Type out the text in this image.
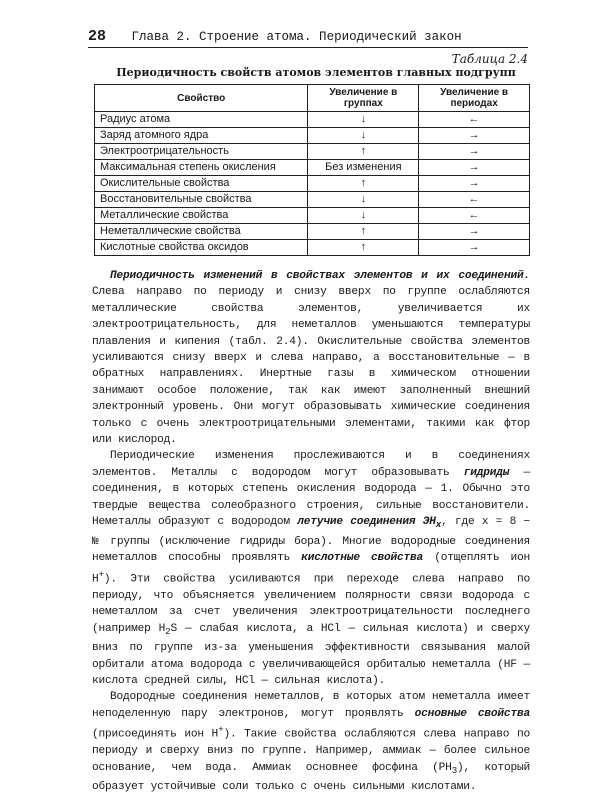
28 Глава 2. Строение атома. Периодический закон
Таблица 2.4
Периодичность свойств атомов элементов главных подгрупп
Свойство	Увеличение в группах	Увеличение в периодах
Радиус атома	↓	←
Заряд атомного ядра	↓	→
Электроотрицательность	↑	→
Максимальная степень окисления	Без изменения	→
Окислительные свойства	↑	→
Восстановительные свойства	↓	←
Металлические свойства	↓	←
Неметаллические свойства	↑	→
Кислотные свойства оксидов	↑	→

Периодичность изменений в свойствах элементов и их соединений. Слева направо по периоду и снизу вверх по группе ослабляются металлические свойства элементов, увеличивается их электроотрицательность, для неметаллов уменьшаются температуры плавления и кипения (табл. 2.4). Окислительные свойства элементов усиливаются снизу вверх и слева направо, а восстановительные — в обратных направлениях. Инертные газы в химическом отношении занимают особое положение, так как имеют заполненный внешний электронный уровень. Они могут образовывать химические соединения только с очень электроотрицательными элементами, такими как фтор или кислород.

Периодические изменения прослеживаются и в соединениях элементов. Металлы с водородом могут образовывать гидриды — соединения, в которых степень окисления водорода — 1. Обычно это твердые вещества солеобразного строения, сильные восстановители. Неметаллы образуют с водородом летучие соединения $ЭH_x$, где x = 8 − № группы (исключение гидриды бора). Многие водородные соединения неметаллов способны проявлять кислотные свойства (отщеплять ион H+). Эти свойства усиливаются при переходе слева направо по периоду, что объясняется увеличением полярности связи водорода с неметаллом за счет увеличения электроотрицательности последнего (например $H_2S$ — слабая кислота, а HCl — сильная кислота) и сверху вниз по группе из-за уменьшения эффективности связывания малой орбитали атома водорода с увеличивающейся орбиталью неметалла (HF — кислота средней силы, HCl — сильная кислота).

Водородные соединения неметаллов, в которых атом неметалла имеет неподеленную пару электронов, могут проявлять основные свойства (присоединять ион H+). Такие свойства ослабляются слева направо по периоду и сверху вниз по группе. Например, аммиак — более сильное основание, чем вода. Аммиак основнее фосфина $(PH_3)$, который образует устойчивые соли только с очень сильными кислотами.
